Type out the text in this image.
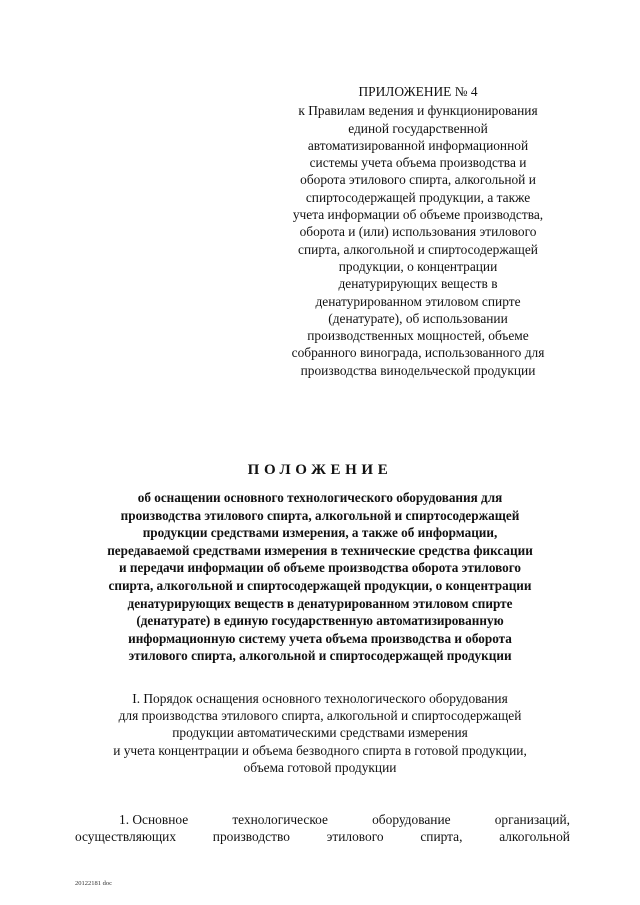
ПРИЛОЖЕНИЕ № 4
к Правилам ведения и функционирования
единой государственной
автоматизированной информационной
системы учета объема производства и
оборота этилового спирта, алкогольной и
спиртосодержащей продукции, а также
учета информации об объеме производства,
оборота и (или) использования этилового
спирта, алкогольной и спиртосодержащей
продукции, о концентрации
денатурирующих веществ в
денатурированном этиловом спирте
(денатурате), об использовании
производственных мощностей, объеме
собранного винограда, использованного для
производства винодельческой продукции
ПОЛОЖЕНИЕ
об оснащении основного технологического оборудования для
производства этилового спирта, алкогольной и спиртосодержащей
продукции средствами измерения, а также об информации,
передаваемой средствами измерения в технические средства фиксации
и передачи информации об объеме производства оборота этилового
спирта, алкогольной и спиртосодержащей продукции, о концентрации
денатурирующих веществ в денатурированном этиловом спирте
(денатурате) в единую государственную автоматизированную
информационную систему учета объема производства и оборота
этилового спирта, алкогольной и спиртосодержащей продукции
I. Порядок оснащения основного технологического оборудования
для производства этилового спирта, алкогольной и спиртосодержащей
продукции автоматическими средствами измерения
и учета концентрации и объема безводного спирта в готовой продукции,
объема готовой продукции
1. Основное	технологическое	оборудование	организаций,
осуществляющих	производство	этилового	спирта,	алкогольной
20122181 doc
